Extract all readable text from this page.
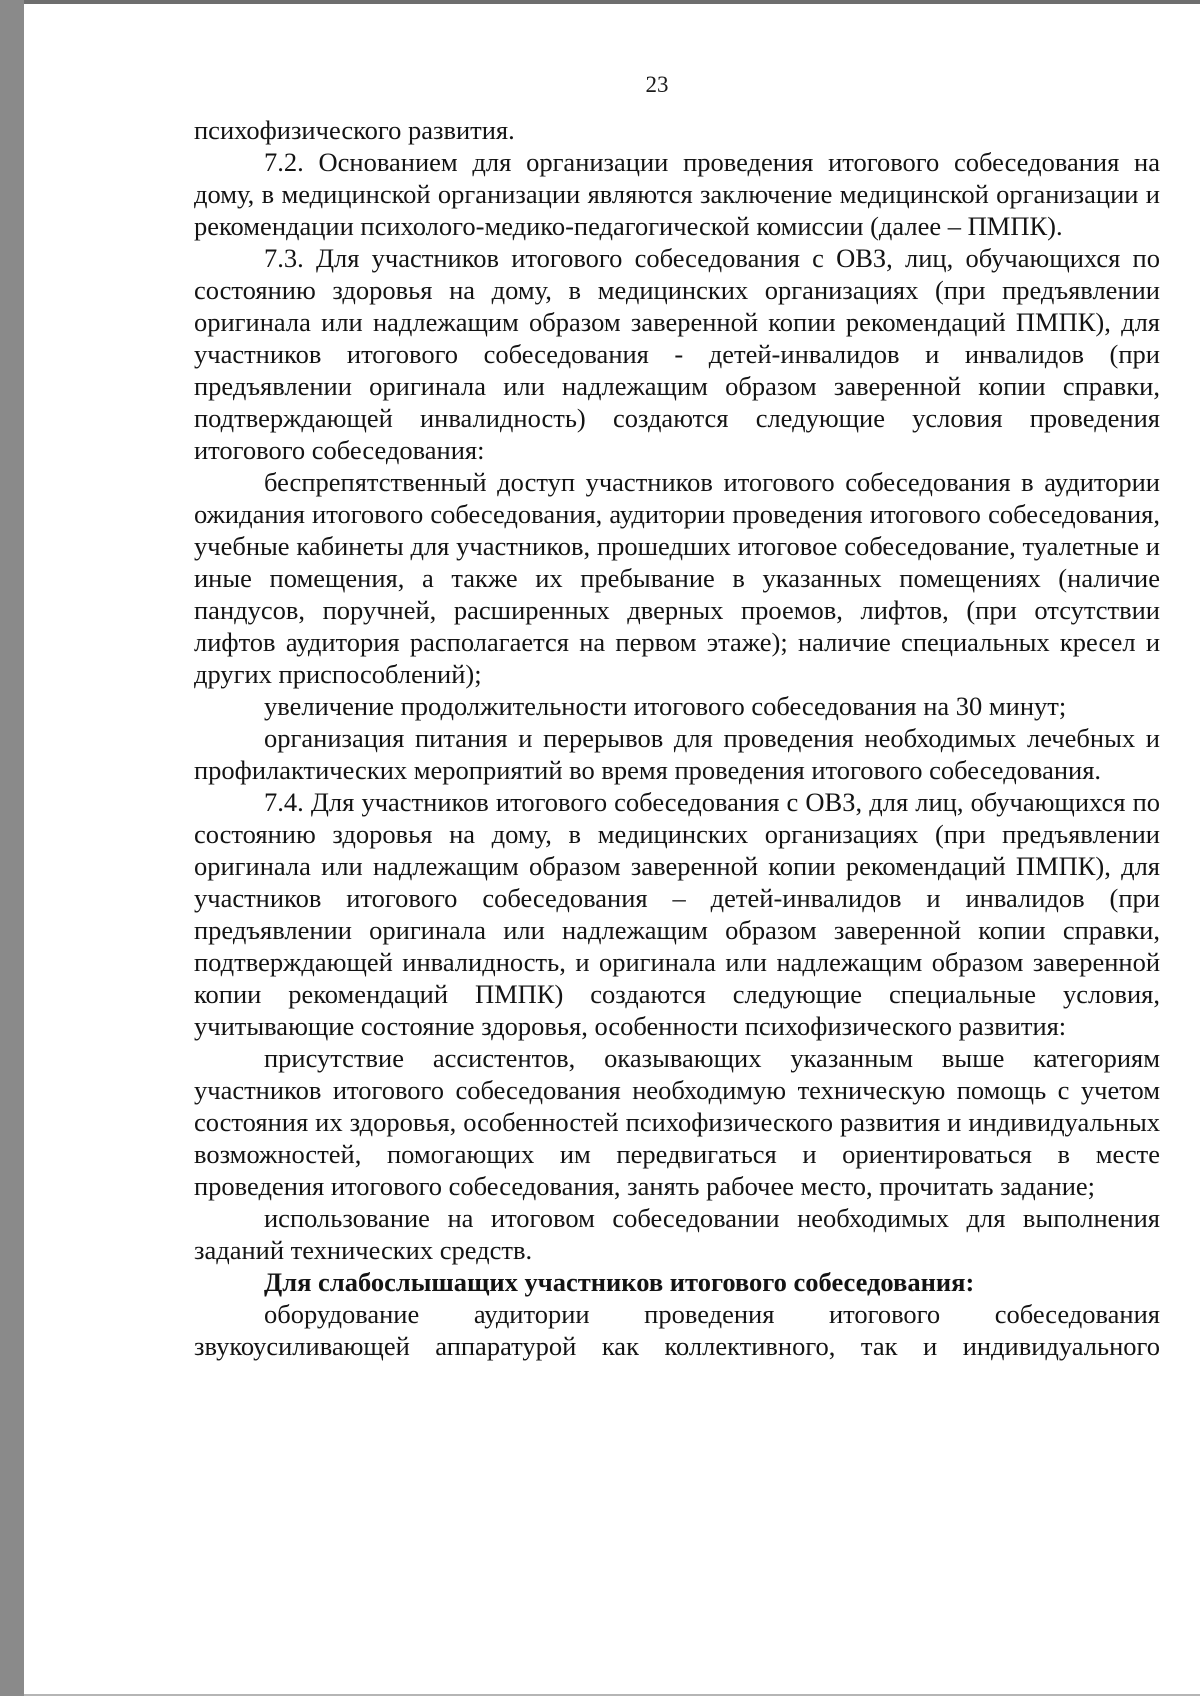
23

психофизического развития.

7.2. Основанием для организации проведения итогового собеседования на дому, в медицинской организации являются заключение медицинской организации и рекомендации психолого-медико-педагогической комиссии (далее – ПМПК).

7.3. Для участников итогового собеседования с ОВЗ, лиц, обучающихся по состоянию здоровья на дому, в медицинских организациях (при предъявлении оригинала или надлежащим образом заверенной копии рекомендаций ПМПК), для участников итогового собеседования - детей-инвалидов и инвалидов (при предъявлении оригинала или надлежащим образом заверенной копии справки, подтверждающей инвалидность) создаются следующие условия проведения итогового собеседования:

беспрепятственный доступ участников итогового собеседования в аудитории ожидания итогового собеседования, аудитории проведения итогового собеседования, учебные кабинеты для участников, прошедших итоговое собеседование, туалетные и иные помещения, а также их пребывание в указанных помещениях (наличие пандусов, поручней, расширенных дверных проемов, лифтов, (при отсутствии лифтов аудитория располагается на первом этаже); наличие специальных кресел и других приспособлений);

увеличение продолжительности итогового собеседования на 30 минут;

организация питания и перерывов для проведения необходимых лечебных и профилактических мероприятий во время проведения итогового собеседования.

7.4. Для участников итогового собеседования с ОВЗ, для лиц, обучающихся по состоянию здоровья на дому, в медицинских организациях (при предъявлении оригинала или надлежащим образом заверенной копии рекомендаций ПМПК), для участников итогового собеседования – детей-инвалидов и инвалидов (при предъявлении оригинала или надлежащим образом заверенной копии справки, подтверждающей инвалидность, и оригинала или надлежащим образом заверенной копии рекомендаций ПМПК) создаются следующие специальные условия, учитывающие состояние здоровья, особенности психофизического развития:

присутствие ассистентов, оказывающих указанным выше категориям участников итогового собеседования необходимую техническую помощь с учетом состояния их здоровья, особенностей психофизического развития и индивидуальных возможностей, помогающих им передвигаться и ориентироваться в месте проведения итогового собеседования, занять рабочее место, прочитать задание;

использование на итоговом собеседовании необходимых для выполнения заданий технических средств.

Для слабослышащих участников итогового собеседования:

оборудование аудитории проведения итогового собеседования звукоусиливающей аппаратурой как коллективного, так и индивидуального
